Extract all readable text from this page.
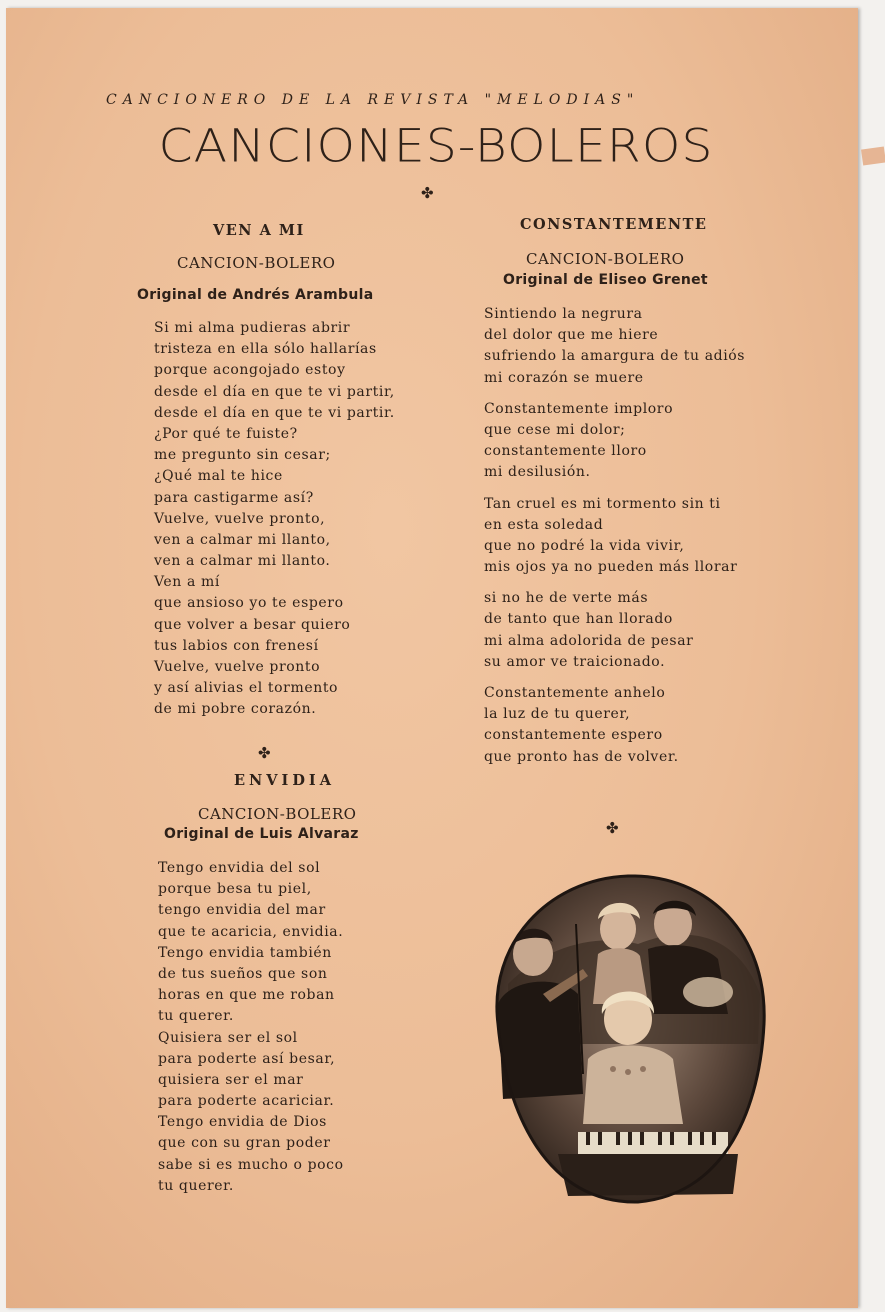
CANCIONERO DE LA REVISTA "MELODIAS"
CANCIONES-BOLEROS
✤
VEN A MI
CANCION-BOLERO
Original de Andrés Arambula
Si mi alma pudieras abrir
tristeza en ella sólo hallarías
porque acongojado estoy
desde el día en que te vi partir,
desde el día en que te vi partir.
¿Por qué te fuiste?
me pregunto sin cesar;
¿Qué mal te hice
para castigarme así?
Vuelve, vuelve pronto,
ven a calmar mi llanto,
ven a calmar mi llanto.
Ven a mí
que ansioso yo te espero
que volver a besar quiero
tus labios con frenesí
Vuelve, vuelve pronto
y así alivias el tormento
de mi pobre corazón.
✤
ENVIDIA
CANCION-BOLERO
Original de Luis Alvaraz
Tengo envidia del sol
porque besa tu piel,
tengo envidia del mar
que te acaricia, envidia.
Tengo envidia también
de tus sueños que son
horas en que me roban
tu querer.
Quisiera ser el sol
para poderte así besar,
quisiera ser el mar
para poderte acariciar.
Tengo envidia de Dios
que con su gran poder
sabe si es mucho o poco
tu querer.
CONSTANTEMENTE
CANCION-BOLERO
Original de Eliseo Grenet
Sintiendo la negrura
del dolor que me hiere
sufriendo la amargura de tu adiós
mi corazón se muere
Constantemente imploro
que cese mi dolor;
constantemente lloro
mi desilusión.
Tan cruel es mi tormento sin ti
en esta soledad
que no podré la vida vivir,
mis ojos ya no pueden más llorar
si no he de verte más
de tanto que han llorado
mi alma adolorida de pesar
su amor ve traicionado.
Constantemente anhelo
la luz de tu querer,
constantemente espero
que pronto has de volver.
✤
